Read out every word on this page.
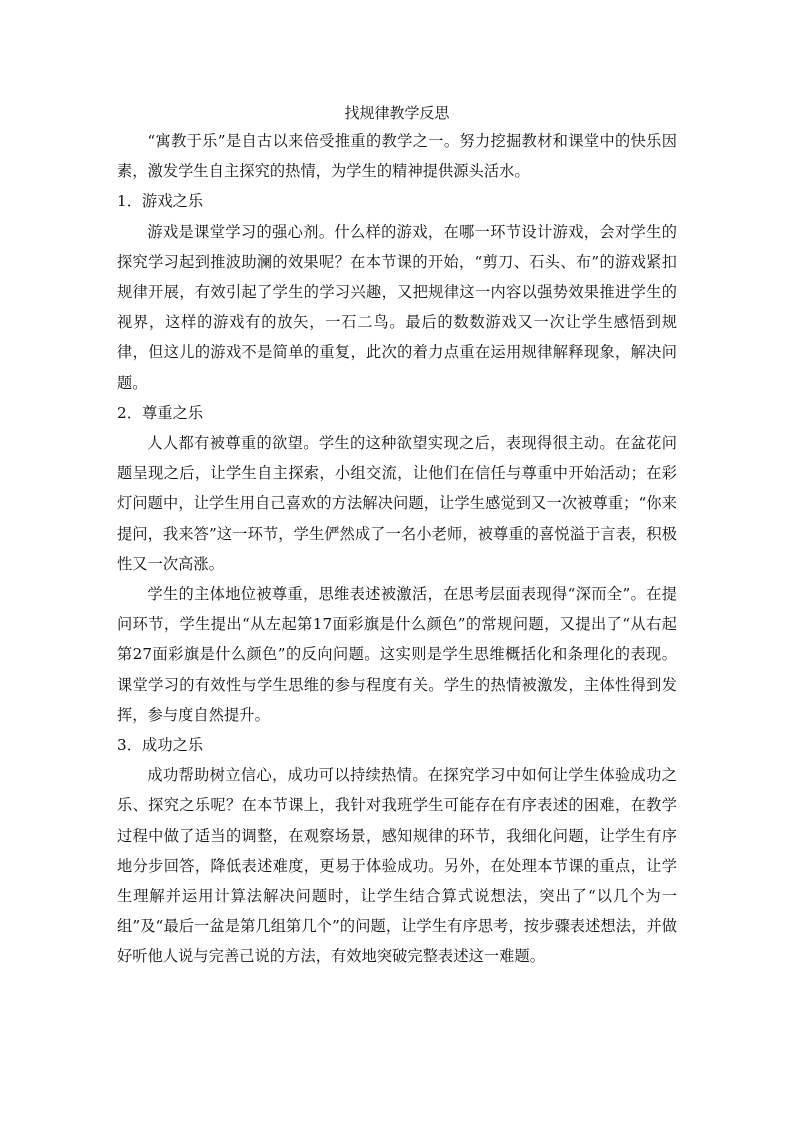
找规律教学反思

“寓教于乐”是自古以来倍受推重的教学之一。努力挖掘教材和课堂中的快乐因素，激发学生自主探究的热情，为学生的精神提供源头活水。

1．游戏之乐

游戏是课堂学习的强心剂。什么样的游戏，在哪一环节设计游戏，会对学生的探究学习起到推波助澜的效果呢？在本节课的开始，“剪刀、石头、布”的游戏紧扣规律开展，有效引起了学生的学习兴趣，又把规律这一内容以强势效果推进学生的视界，这样的游戏有的放矢，一石二鸟。最后的数数游戏又一次让学生感悟到规律，但这儿的游戏不是简单的重复，此次的着力点重在运用规律解释现象，解决问题。

2．尊重之乐

人人都有被尊重的欲望。学生的这种欲望实现之后，表现得很主动。在盆花问题呈现之后，让学生自主探索，小组交流，让他们在信任与尊重中开始活动；在彩灯问题中，让学生用自己喜欢的方法解决问题，让学生感觉到又一次被尊重；“你来提问，我来答”这一环节，学生俨然成了一名小老师，被尊重的喜悦溢于言表，积极性又一次高涨。

学生的主体地位被尊重，思维表述被激活，在思考层面表现得“深而全”。在提问环节，学生提出“从左起第17面彩旗是什么颜色”的常规问题，又提出了“从右起第27面彩旗是什么颜色”的反向问题。这实则是学生思维概括化和条理化的表现。课堂学习的有效性与学生思维的参与程度有关。学生的热情被激发，主体性得到发挥，参与度自然提升。

3．成功之乐

成功帮助树立信心，成功可以持续热情。在探究学习中如何让学生体验成功之乐、探究之乐呢？在本节课上，我针对我班学生可能存在有序表述的困难，在教学过程中做了适当的调整，在观察场景，感知规律的环节，我细化问题，让学生有序地分步回答，降低表述难度，更易于体验成功。另外，在处理本节课的重点，让学生理解并运用计算法解决问题时，让学生结合算式说想法，突出了“以几个为一组”及“最后一盆是第几组第几个”的问题，让学生有序思考，按步骤表述想法，并做好听他人说与完善己说的方法，有效地突破完整表述这一难题。
